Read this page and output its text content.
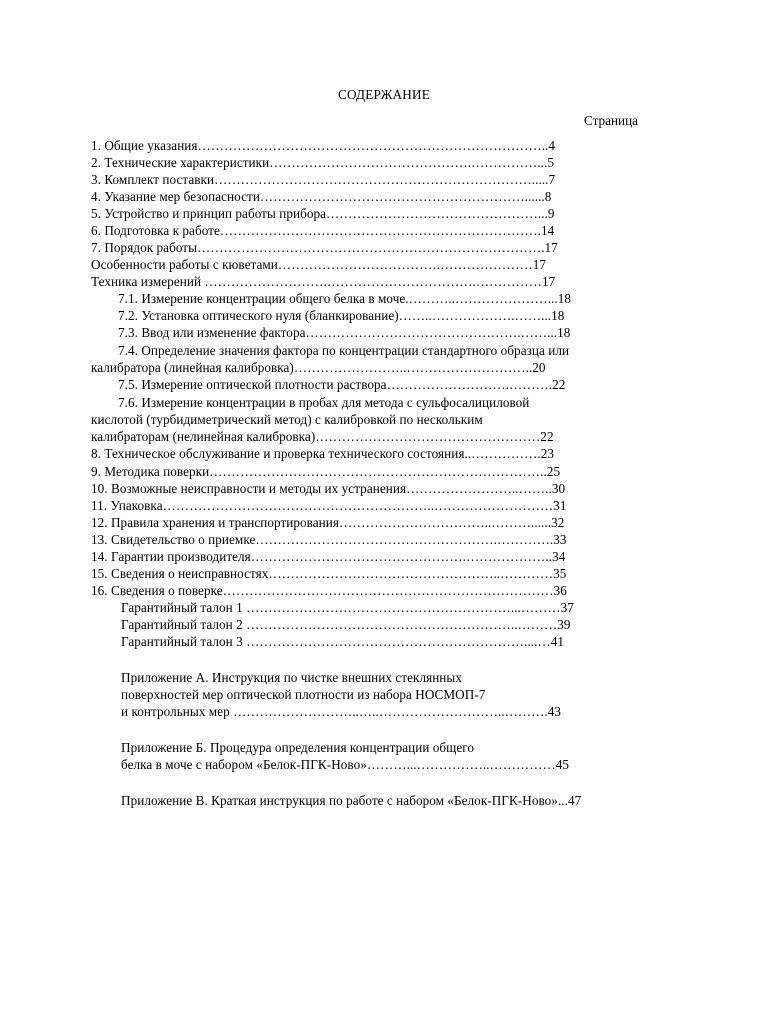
СОДЕРЖАНИЕ
Страница
1. Общие указания……………………………………………………………………..4
2. Технические характеристики……………………………………….……………...5
3. Комплект поставки……………………………………………………………….....7
4. Указание мер безопасности……………………………………………………......8
5. Устройство и принцип работы прибора…………………………………………...9
6. Подготовка к работе……………………………………………………………….14
7. Порядок работы…………………………………………………………………….17
Особенности работы с кюветами……………………………….…………………17
Техника измерений ……………………….…………………………….……………17
7.1. Измерение концентрации общего белка в моче.………..…………………...18
7.2. Установка оптического нуля (бланкирование)……..……………….……...18
7.3. Ввод или изменение фактора………………………………………….……...18
7.4. Определение значения фактора по концентрации стандартного образца или
калибратора (линейная калибровка)……………………..………………………..20
7.5. Измерение оптической плотности раствора……………………….……….22
7.6. Измерение концентрации в пробах для метода с сульфосалициловой
кислотой (турбидиметрический метод) с калибровкой по нескольким
калибраторам (нелинейная калибровка)……………………………………………22
8. Техническое обслуживание и проверка технического состояния..…………….23
9. Методика поверки…………………………………………………………………..25
10. Возможные неисправности и методы их устранения……………………..……..30
11. Упаковка……………………………………………………..………………………31
12. Правила хранения и транспортирования……………………………..………......32
13. Свидетельство о приемке……………………………………………….………….33
14. Гарантии производителя………………………………………….………………..34
15. Сведения о неисправностях……………………………………………..…………35
16. Сведения о поверке…………………………………………………………………36
Гарантийный талон 1 ……………………………………………………...………37
Гарантийный талон 2 ……………………………………………………..………39
Гарантийный талон 3 ………………………………………………………....…41
Приложение А. Инструкция по чистке внешних стеклянных
поверхностей мер оптической плотности из набора НОСМОП-7
и контрольных мер ………………………..…..………………………..……….43
Приложение Б. Процедура определения концентрации общего
белка в моче с набором «Белок-ПГК-Ново»………...……………..……………45
Приложение В. Краткая инструкция по работе с набором «Белок-ПГК-Ново»...47
